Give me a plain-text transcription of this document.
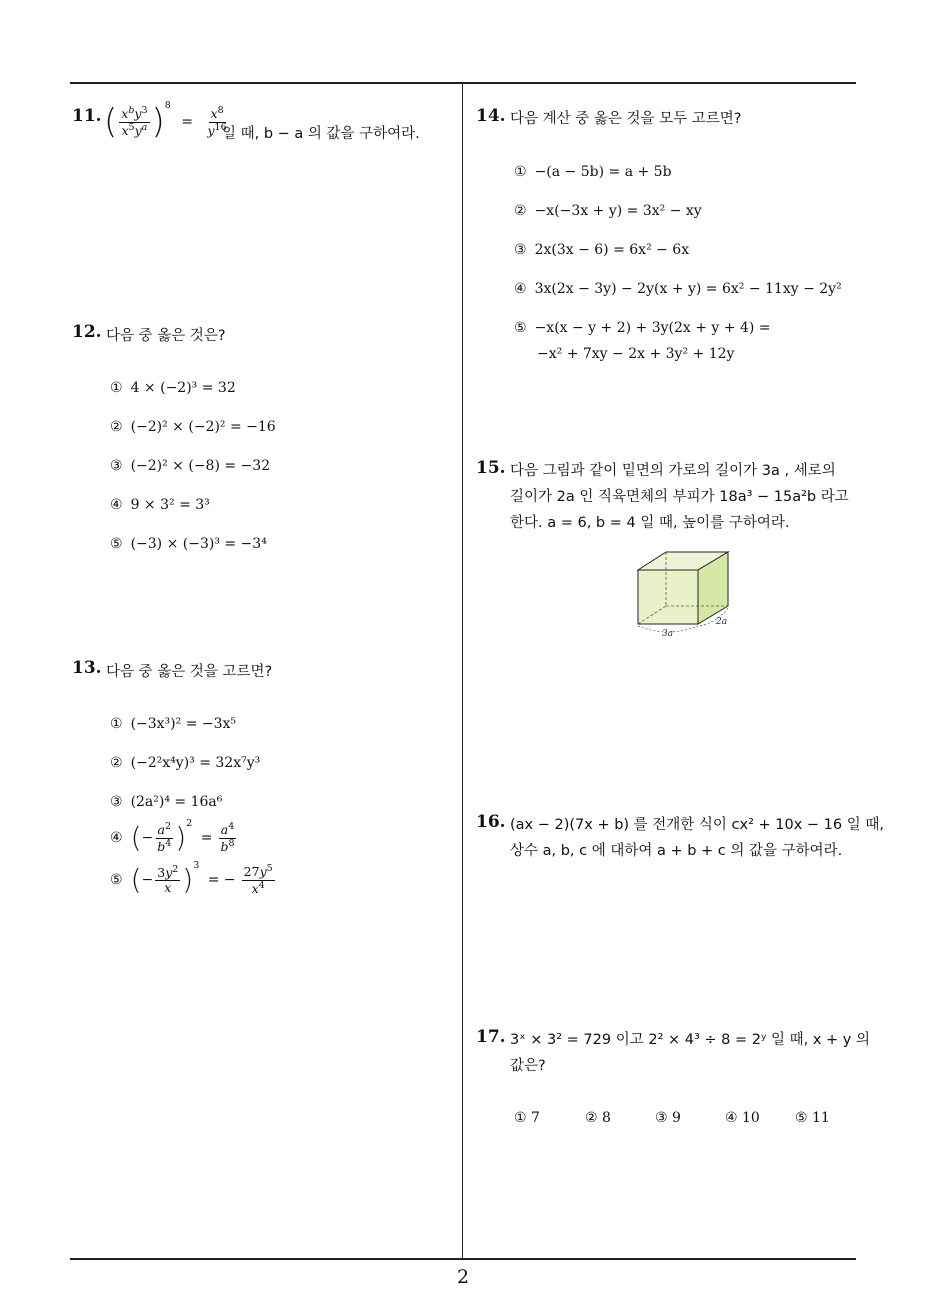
11. ( $\frac{x^by^3}{x^5y^a} )^8 = \frac{x^8}{y^{16}}$
일 때, b − a 의 값을 구하여라.
12. 다음 중 옳은 것은?
① 4 × (−2)³ = 32
② (−2)² × (−2)² = −16
③ (−2)² × (−8) = −32
④ 9 × 3² = 3³
⑤ (−3) × (−3)³ = −3⁴
13. 다음 중 옳은 것을 고르면?
① (−3x³)² = −3x⁵
② (−2²x⁴y)³ = 32x⁷y³
③ (2a²)⁴ = 16a⁶
④ (− $\frac{a^2}{b^4} )^2 = \frac{a^4}{b^8}$
⑤ (− $\frac{3y^2}{x} )^3$ = − $\frac{27y^5}{x^4}$
14. 다음 계산 중 옳은 것을 모두 고르면?
① −(a − 5b) = a + 5b
② −x(−3x + y) = 3x² − xy
③ 2x(3x − 6) = 6x² − 6x
④ 3x(2x − 3y) − 2y(x + y) = 6x² − 11xy − 2y²
⑤ −x(x − y + 2) + 3y(2x + y + 4) =
−x² + 7xy − 2x + 3y² + 12y
15. 다음 그림과 같이 밑면의 가로의 길이가 3a , 세로의
길이가 2a 인 직육면체의 부피가 18a³ − 15a²b 라고
한다. a = 6, b = 4 일 때, 높이를 구하여라.
3a
2a
16. (ax − 2)(7x + b) 를 전개한 식이 cx² + 10x − 16 일 때,
상수 a, b, c 에 대하여 a + b + c 의 값을 구하여라.
17. 3ˣ × 3² = 729 이고 2² × 4³ ÷ 8 = 2ʸ 일 때, x + y 의
값은?
① 7	② 8	③ 9	④ 10	⑤ 11
2
